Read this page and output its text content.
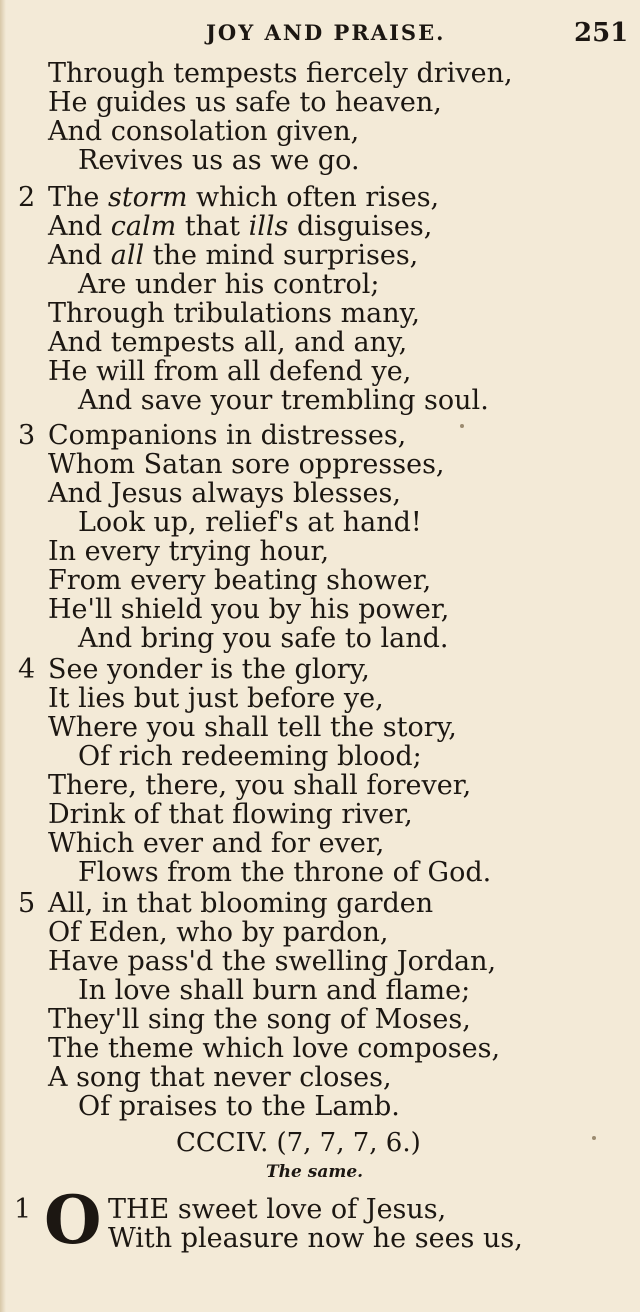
JOY AND PRAISE.	251
Through tempests fiercely driven,
He guides us safe to heaven,
And consolation given,
Revives us as we go.
2 The storm which often rises,
And calm that ills disguises,
And all the mind surprises,
Are under his control;
Through tribulations many,
And tempests all, and any,
He will from all defend ye,
And save your trembling soul.
3 Companions in distresses,
Whom Satan sore oppresses,
And Jesus always blesses,
Look up, relief's at hand!
In every trying hour,
From every beating shower,
He'll shield you by his power,
And bring you safe to land.
4 See yonder is the glory,
It lies but just before ye,
Where you shall tell the story,
Of rich redeeming blood;
There, there, you shall forever,
Drink of that flowing river,
Which ever and for ever,
Flows from the throne of God.
5 All, in that blooming garden
Of Eden, who by pardon,
Have pass'd the swelling Jordan,
In love shall burn and flame;
They'll sing the song of Moses,
The theme which love composes,
A song that never closes,
Of praises to the Lamb.
CCCIV. (7, 7, 7, 6.)
The same.
1 O THE sweet love of Jesus,
With pleasure now he sees us,
